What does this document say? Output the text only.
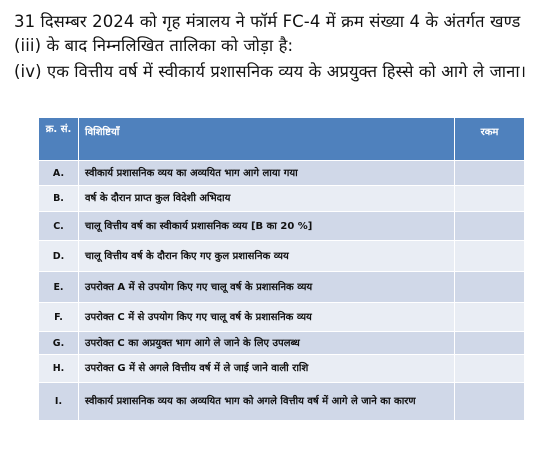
31 दिसम्बर 2024 को गृह मंत्रालय ने फॉर्म FC-4 में क्रम संख्या 4 के अंतर्गत खण्ड (iii) के बाद निम्नलिखित तालिका को जोड़ा है:

(iv) एक वित्तीय वर्ष में स्वीकार्य प्रशासनिक व्यय के अप्रयुक्त हिस्से को आगे ले जाना।

क्र. सं.	विशिष्टियाँ	रकम
A.	स्वीकार्य प्रशासनिक व्यय का अव्ययित भाग आगे लाया गया	
B.	वर्ष के दौरान प्राप्त कुल विदेशी अभिदाय	
C.	चालू वित्तीय वर्ष का स्वीकार्य प्रशासनिक व्यय [B का 20 %]	
D.	चालू वित्तीय वर्ष के दौरान किए गए कुल प्रशासनिक व्यय	
E.	उपरोक्त A में से उपयोग किए गए चालू वर्ष के प्रशासनिक व्यय	
F.	उपरोक्त C में से उपयोग किए गए चालू वर्ष के प्रशासनिक व्यय	
G.	उपरोक्त C का अप्रयुक्त भाग आगे ले जाने के लिए उपलब्ध	
H.	उपरोक्त G में से अगले वित्तीय वर्ष में ले जाई जाने वाली राशि	
I.	स्वीकार्य प्रशासनिक व्यय का अव्ययित भाग को अगले वित्तीय वर्ष में आगे ले जाने का कारण	
